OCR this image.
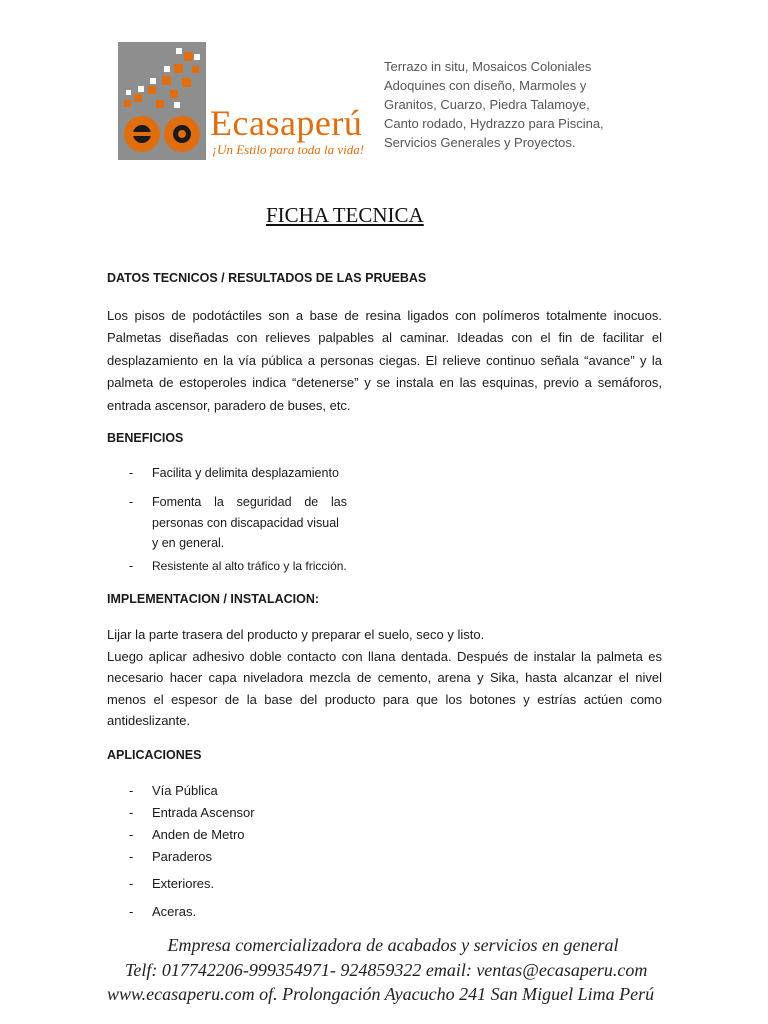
Ecasaperú
¡Un Estilo para toda la vida!
Terrazo in situ, Mosaicos Coloniales
Adoquines con diseño, Marmoles y
Granitos, Cuarzo, Piedra Talamoye,
Canto rodado, Hydrazzo para Piscina,
Servicios Generales y Proyectos.
FICHA TECNICA
DATOS TECNICOS / RESULTADOS DE LAS PRUEBAS
Los pisos de podotáctiles son a base de resina ligados con polímeros totalmente inocuos.
Palmetas diseñadas con relieves palpables al caminar. Ideadas con el fin de facilitar el
desplazamiento en la vía pública a personas ciegas. El relieve continuo señala “avance” y la
palmeta de estoperoles indica “detenerse” y se instala en las esquinas, previo a semáforos,
entrada ascensor, paradero de buses, etc.
BENEFICIOS
- Facilita y delimita desplazamiento
- Fomenta la seguridad de las
personas con discapacidad visual
y en general.
- Resistente al alto tráfico y la fricción.
IMPLEMENTACION / INSTALACION:
Lijar la parte trasera del producto y preparar el suelo, seco y listo.
Luego aplicar adhesivo doble contacto con llana dentada. Después de instalar la palmeta es
necesario hacer capa niveladora mezcla de cemento, arena y Sika, hasta alcanzar el nivel
menos el espesor de la base del producto para que los botones y estrías actúen como
antideslizante.
APLICACIONES
- Vía Pública
- Entrada Ascensor
- Anden de Metro
- Paraderos
- Exteriores.
- Aceras.
Empresa comercializadora de acabados y servicios en general
Telf: 017742206-999354971- 924859322 email: ventas@ecasaperu.com
www.ecasaperu.com of. Prolongación Ayacucho 241 San Miguel Lima Perú
